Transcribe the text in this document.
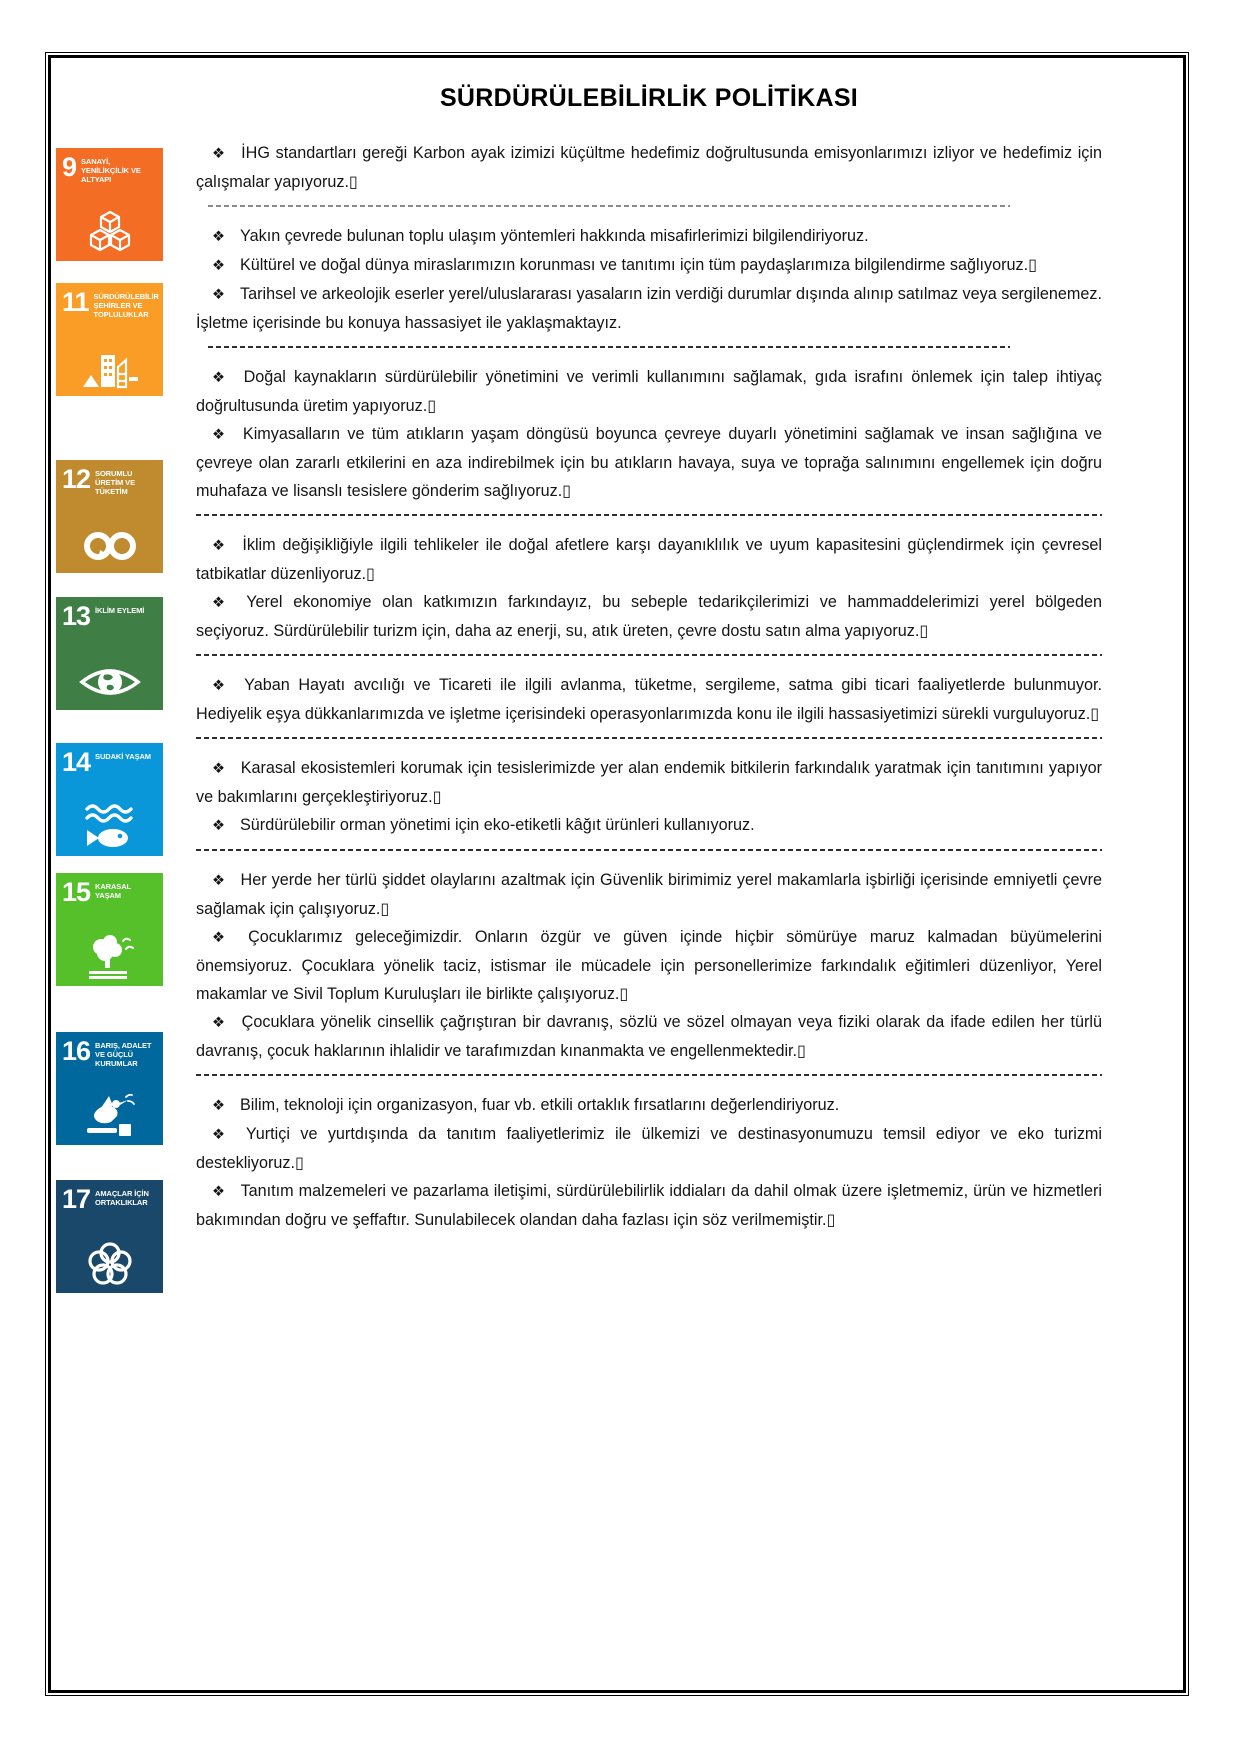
9 SANAYİ, YENİLİKÇİLİK VE ALTYAPI
11 SÜRDÜRÜLEBİLİR ŞEHİRLER VE TOPLULUKLAR
12 SORUMLU ÜRETİM VE TÜKETİM
13 İKLİM EYLEMİ
14 SUDAKİ YAŞAM
15 KARASAL YAŞAM
16 BARIŞ, ADALET VE GÜÇLÜ KURUMLAR
17 AMAÇLAR İÇİN ORTAKLIKLAR
SÜRDÜRÜLEBİLİRLİK POLİTİKASI

❖ İHG standartları gereği Karbon ayak izimizi küçültme hedefimiz doğrultusunda emisyonlarımızı izliyor ve hedefimiz için çalışmalar yapıyoruz.▯

❖ Yakın çevrede bulunan toplu ulaşım yöntemleri hakkında misafirlerimizi bilgilendiriyoruz.

❖ Kültürel ve doğal dünya miraslarımızın korunması ve tanıtımı için tüm paydaşlarımıza bilgilendirme sağlıyoruz.▯

❖ Tarihsel ve arkeolojik eserler yerel/uluslararası yasaların izin verdiği durumlar dışında alınıp satılmaz veya sergilenemez. İşletme içerisinde bu konuya hassasiyet ile yaklaşmaktayız.

❖ Doğal kaynakların sürdürülebilir yönetimini ve verimli kullanımını sağlamak, gıda israfını önlemek için talep ihtiyaç doğrultusunda üretim yapıyoruz.▯

❖ Kimyasalların ve tüm atıkların yaşam döngüsü boyunca çevreye duyarlı yönetimini sağlamak ve insan sağlığına ve çevreye olan zararlı etkilerini en aza indirebilmek için bu atıkların havaya, suya ve toprağa salınımını engellemek için doğru muhafaza ve lisanslı tesislere gönderim sağlıyoruz.▯

❖ İklim değişikliğiyle ilgili tehlikeler ile doğal afetlere karşı dayanıklılık ve uyum kapasitesini güçlendirmek için çevresel tatbikatlar düzenliyoruz.▯

❖ Yerel ekonomiye olan katkımızın farkındayız, bu sebeple tedarikçilerimizi ve hammaddelerimizi yerel bölgeden seçiyoruz. Sürdürülebilir turizm için, daha az enerji, su, atık üreten, çevre dostu satın alma yapıyoruz.▯

❖ Yaban Hayatı avcılığı ve Ticareti ile ilgili avlanma, tüketme, sergileme, satma gibi ticari faaliyetlerde bulunmuyor. Hediyelik eşya dükkanlarımızda ve işletme içerisindeki operasyonlarımızda konu ile ilgili hassasiyetimizi sürekli vurguluyoruz.▯

❖ Karasal ekosistemleri korumak için tesislerimizde yer alan endemik bitkilerin farkındalık yaratmak için tanıtımını yapıyor ve bakımlarını gerçekleştiriyoruz.▯

❖ Sürdürülebilir orman yönetimi için eko-etiketli kâğıt ürünleri kullanıyoruz.

❖ Her yerde her türlü şiddet olaylarını azaltmak için Güvenlik birimimiz yerel makamlarla işbirliği içerisinde emniyetli çevre sağlamak için çalışıyoruz.▯

❖ Çocuklarımız geleceğimizdir. Onların özgür ve güven içinde hiçbir sömürüye maruz kalmadan büyümelerini önemsiyoruz. Çocuklara yönelik taciz, istismar ile mücadele için personellerimize farkındalık eğitimleri düzenliyor, Yerel makamlar ve Sivil Toplum Kuruluşları ile birlikte çalışıyoruz.▯

❖ Çocuklara yönelik cinsellik çağrıştıran bir davranış, sözlü ve sözel olmayan veya fiziki olarak da ifade edilen her türlü davranış, çocuk haklarının ihlalidir ve tarafımızdan kınanmakta ve engellenmektedir.▯

❖ Bilim, teknoloji için organizasyon, fuar vb. etkili ortaklık fırsatlarını değerlendiriyoruz.

❖ Yurtiçi ve yurtdışında da tanıtım faaliyetlerimiz ile ülkemizi ve destinasyonumuzu temsil ediyor ve eko turizmi destekliyoruz.▯

❖ Tanıtım malzemeleri ve pazarlama iletişimi, sürdürülebilirlik iddiaları da dahil olmak üzere işletmemiz, ürün ve hizmetleri bakımından doğru ve şeffaftır. Sunulabilecek olandan daha fazlası için söz verilmemiştir.▯
